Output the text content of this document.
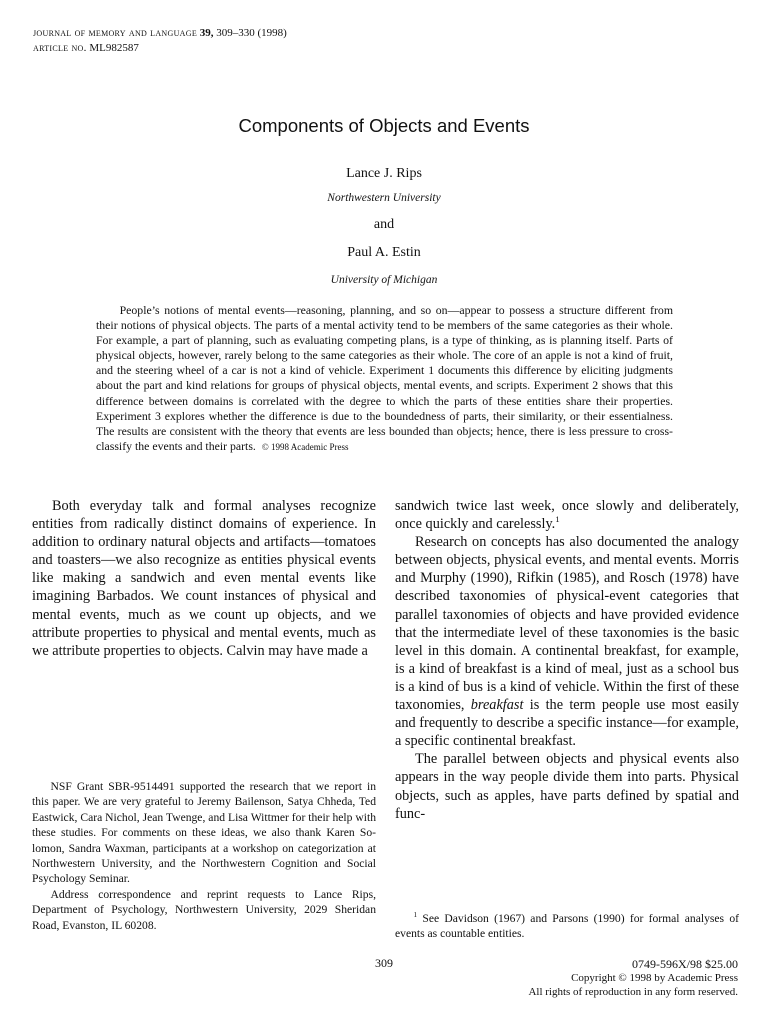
journal of memory and language 39, 309–330 (1998)
article no. ML982587
Components of Objects and Events
Lance J. Rips
Northwestern University
and
Paul A. Estin
University of Michigan
People’s notions of mental events—reasoning, planning, and so on—appear to possess a structure different from their notions of physical objects. The parts of a mental activity tend to be members of the same categories as their whole. For example, a part of planning, such as evaluating competing plans, is a type of thinking, as is planning itself. Parts of physical objects, however, rarely belong to the same categories as their whole. The core of an apple is not a kind of fruit, and the steering wheel of a car is not a kind of vehicle. Experiment 1 documents this difference by eliciting judgments about the part and kind relations for groups of physical objects, mental events, and scripts. Experiment 2 shows that this difference between domains is correlated with the degree to which the parts of these entities share their properties. Experiment 3 explores whether the difference is due to the boundedness of parts, their similarity, or their essentialness. The results are consistent with the theory that events are less bounded than objects; hence, there is less pressure to cross-classify the events and their parts. © 1998 Academic Press

Both everyday talk and formal analyses recognize entities from radically distinct domains of experience. In addition to ordinary natural objects and artifacts—tomatoes and toasters—we also recognize as entities physical events like making a sandwich and even mental events like imagining Barbados. We count instances of physical and mental events, much as we count up objects, and we attribute properties to physical and mental events, much as we attribute properties to objects. Calvin may have made a

sandwich twice last week, once slowly and deliberately, once quickly and carelessly.$^1$

Research on concepts has also documented the analogy between objects, physical events, and mental events. Morris and Murphy (1990), Rifkin (1985), and Rosch (1978) have described taxonomies of physical-event categories that parallel taxonomies of objects and have provided evidence that the intermediate level of these taxonomies is the basic level in this domain. A continental breakfast, for example, is a kind of breakfast is a kind of meal, just as a school bus is a kind of bus is a kind of vehicle. Within the first of these taxonomies, breakfast is the term people use most easily and frequently to describe a specific instance—for example, a specific continental breakfast.

The parallel between objects and physical events also appears in the way people divide them into parts. Physical objects, such as apples, have parts defined by spatial and func-

NSF Grant SBR-9514491 supported the research that we report in this paper. We are very grateful to Jeremy Bailenson, Satya Chheda, Ted Eastwick, Cara Nichol, Jean Twenge, and Lisa Wittmer for their help with these studies. For comments on these ideas, we also thank Karen Solomon, Sandra Waxman, participants at a workshop on categorization at Northwestern University, and the Northwestern Cognition and Social Psychology Seminar.

Address correspondence and reprint requests to Lance Rips, Department of Psychology, Northwestern University, 2029 Sheridan Road, Evanston, IL 60208.

$^1$ See Davidson (1967) and Parsons (1990) for formal analyses of events as countable entities.

309	0749-596X/98 $25.00
Copyright © 1998 by Academic Press
All rights of reproduction in any form reserved.
